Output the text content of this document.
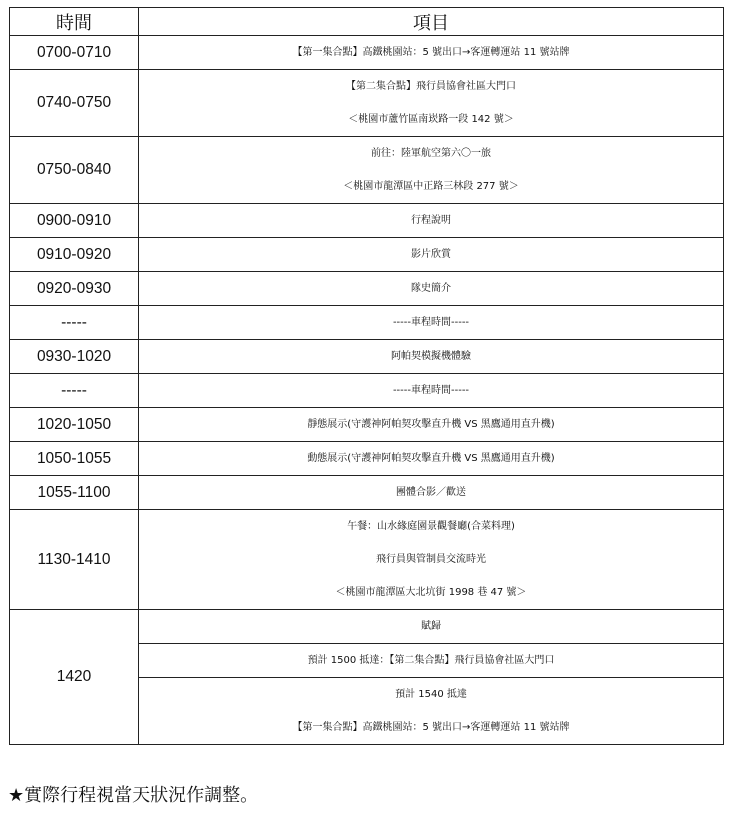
時間	項目
0700-0710	【第一集合點】高鐵桃園站：5 號出口→客運轉運站 11 號站牌

0740-0750	【第二集合點】飛行員協會社區大門口
＜桃園市蘆竹區南崁路一段 142 號＞

0750-0840	前往：陸軍航空第六〇一旅
＜桃園市龍潭區中正路三林段 277 號＞

0900-0910	行程說明

0910-0920	影片欣賞

0920-0930	隊史簡介

-----	-----車程時間-----

0930-1020	阿帕契模擬機體驗

-----	-----車程時間-----

1020-1050	靜態展示(守護神阿帕契攻擊直升機 VS 黑鷹通用直升機)

1050-1055	動態展示(守護神阿帕契攻擊直升機 VS 黑鷹通用直升機)

1055-1100	團體合影／歡送

1130-1410	午餐：山水緣庭園景觀餐廳(合菜料理)
飛行員與管制員交流時光
＜桃園市龍潭區大北坑街 1998 巷 47 號＞

1420	賦歸

	預計 1500 抵達：【第二集合點】飛行員協會社區大門口

	預計 1540 抵達
【第一集合點】高鐵桃園站：5 號出口→客運轉運站 11 號站牌
★實際行程視當天狀況作調整。
